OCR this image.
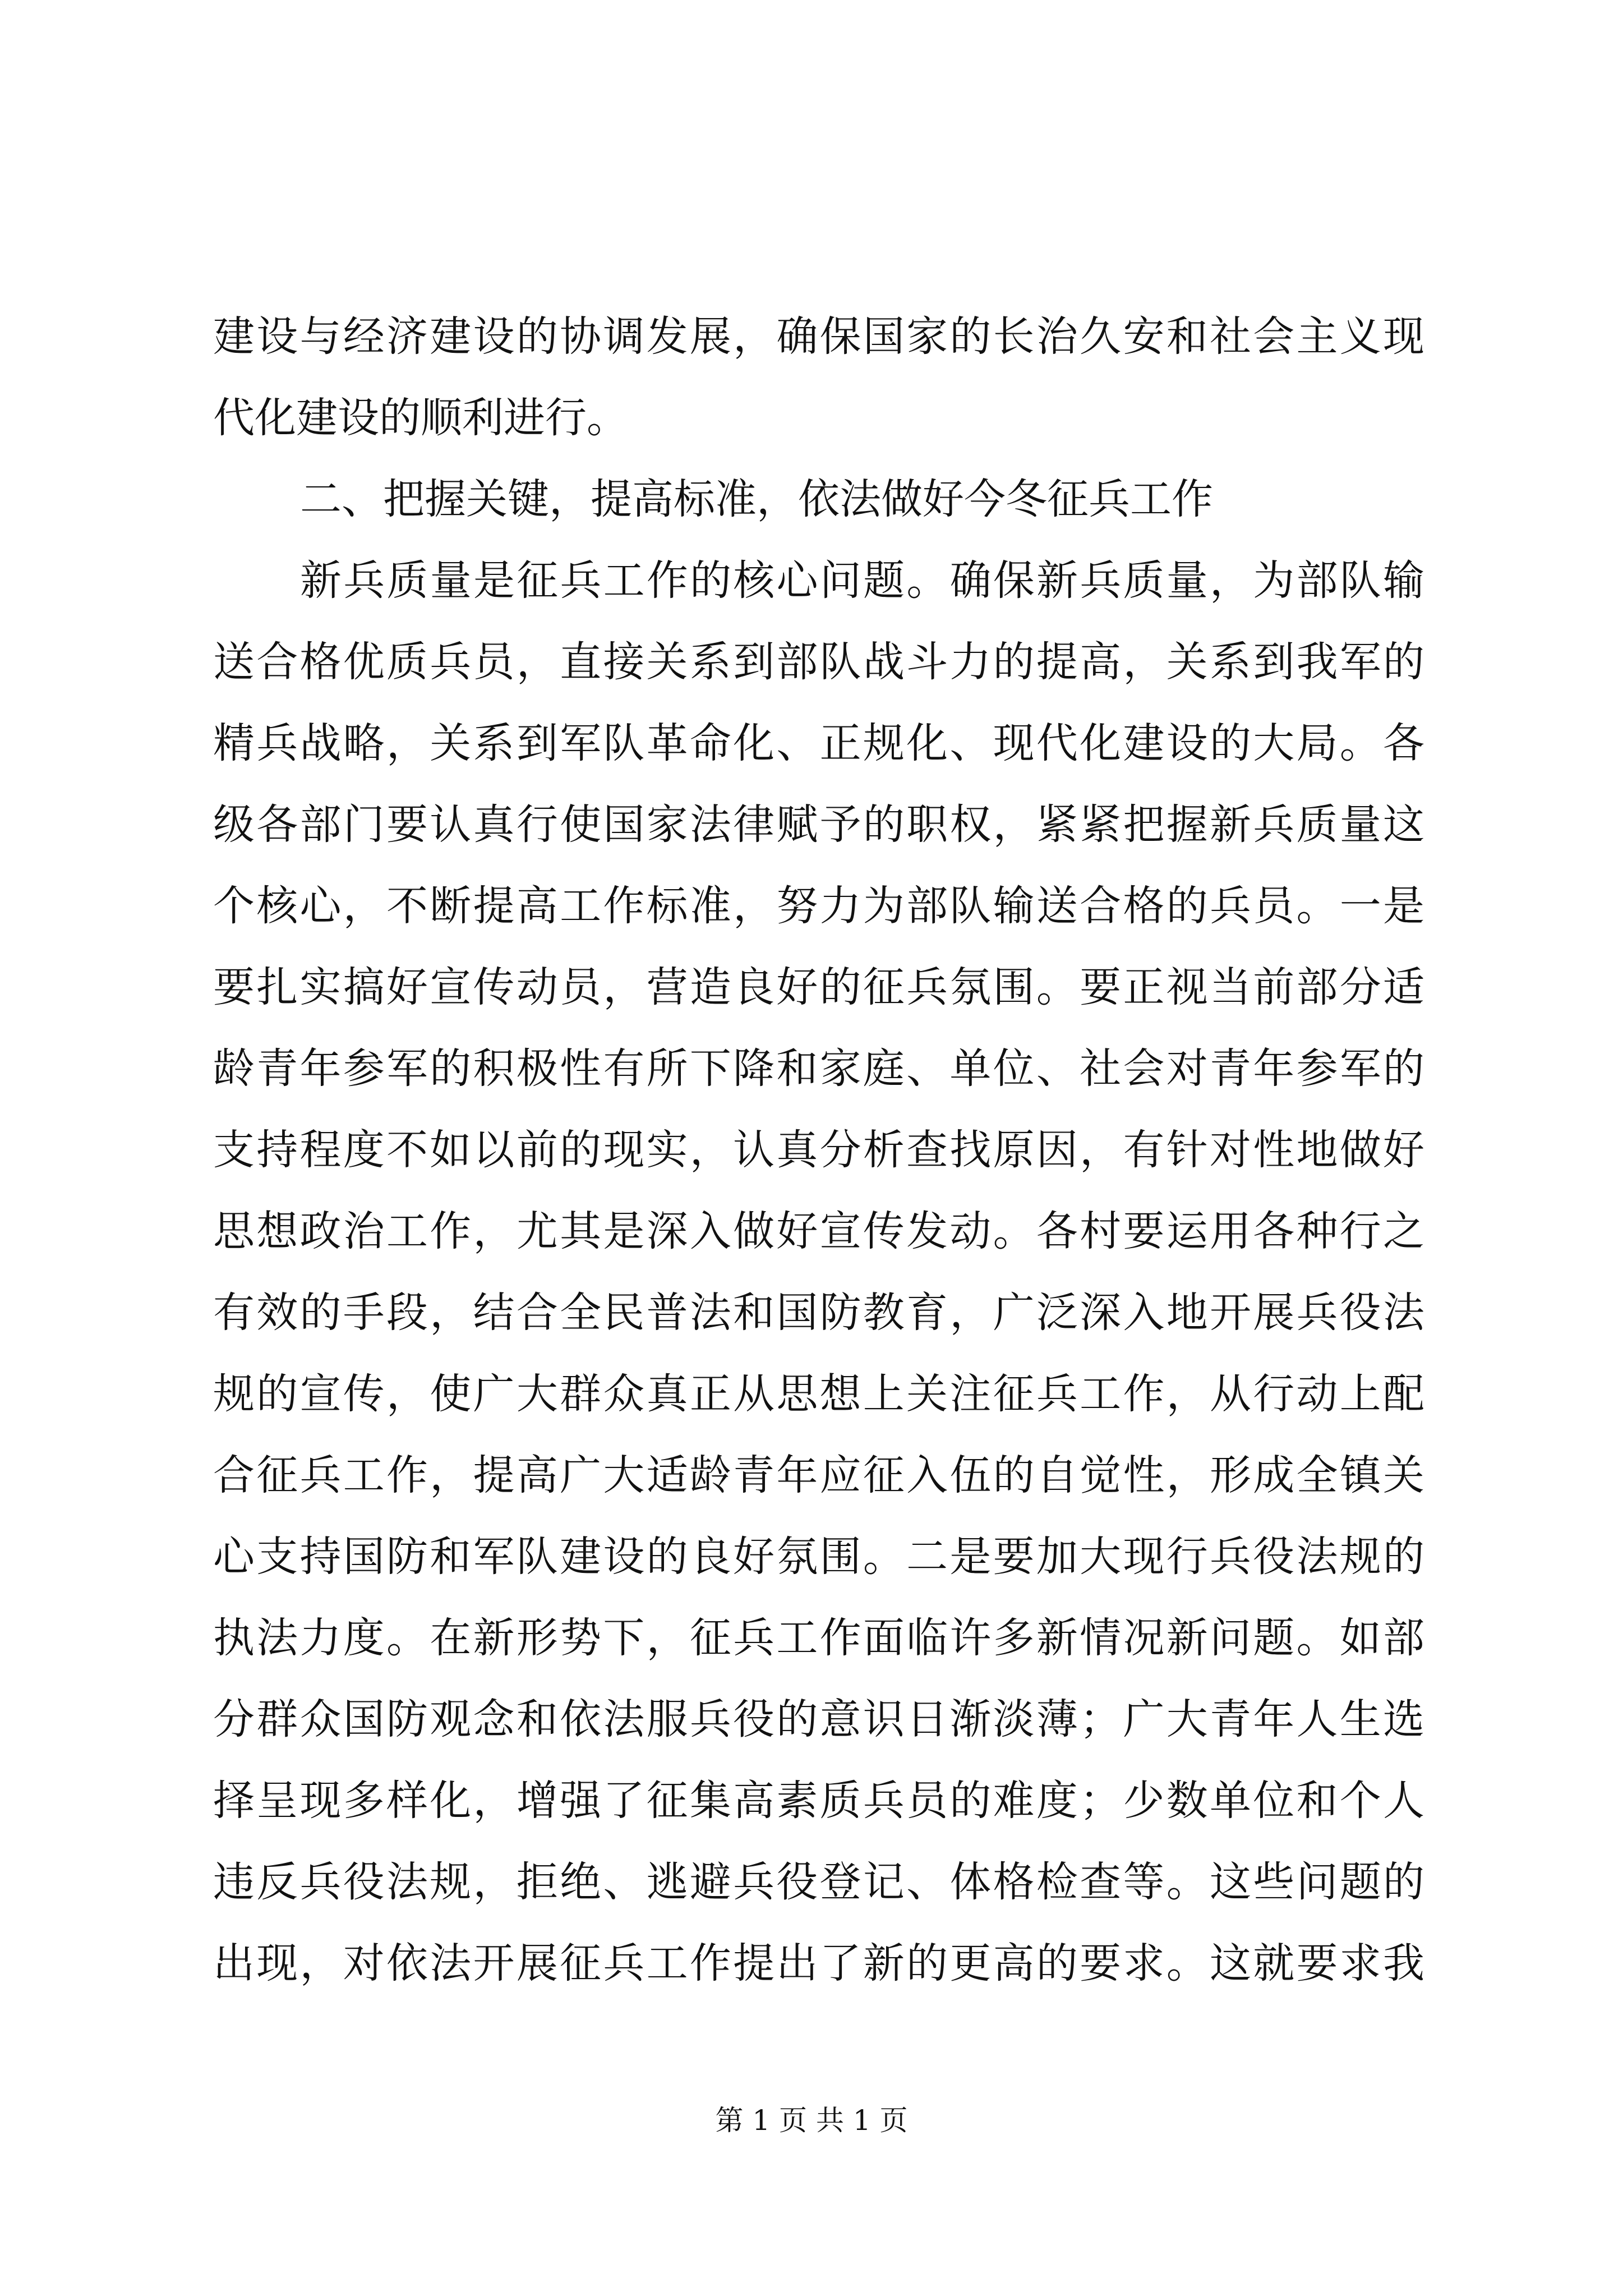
建设与经济建设的协调发展，确保国家的长治久安和社会主义现
代化建设的顺利进行。
二、把握关键，提高标准，依法做好今冬征兵工作
新兵质量是征兵工作的核心问题。确保新兵质量，为部队输
送合格优质兵员，直接关系到部队战斗力的提高，关系到我军的
精兵战略，关系到军队革命化、正规化、现代化建设的大局。各
级各部门要认真行使国家法律赋予的职权，紧紧把握新兵质量这
个核心，不断提高工作标准，努力为部队输送合格的兵员。一是
要扎实搞好宣传动员，营造良好的征兵氛围。要正视当前部分适
龄青年参军的积极性有所下降和家庭、单位、社会对青年参军的
支持程度不如以前的现实，认真分析查找原因，有针对性地做好
思想政治工作，尤其是深入做好宣传发动。各村要运用各种行之
有效的手段，结合全民普法和国防教育，广泛深入地开展兵役法
规的宣传，使广大群众真正从思想上关注征兵工作，从行动上配
合征兵工作，提高广大适龄青年应征入伍的自觉性，形成全镇关
心支持国防和军队建设的良好氛围。二是要加大现行兵役法规的
执法力度。在新形势下，征兵工作面临许多新情况新问题。如部
分群众国防观念和依法服兵役的意识日渐淡薄；广大青年人生选
择呈现多样化，增强了征集高素质兵员的难度；少数单位和个人
违反兵役法规，拒绝、逃避兵役登记、体格检查等。这些问题的
出现，对依法开展征兵工作提出了新的更高的要求。这就要求我
第 1 页 共 1 页
